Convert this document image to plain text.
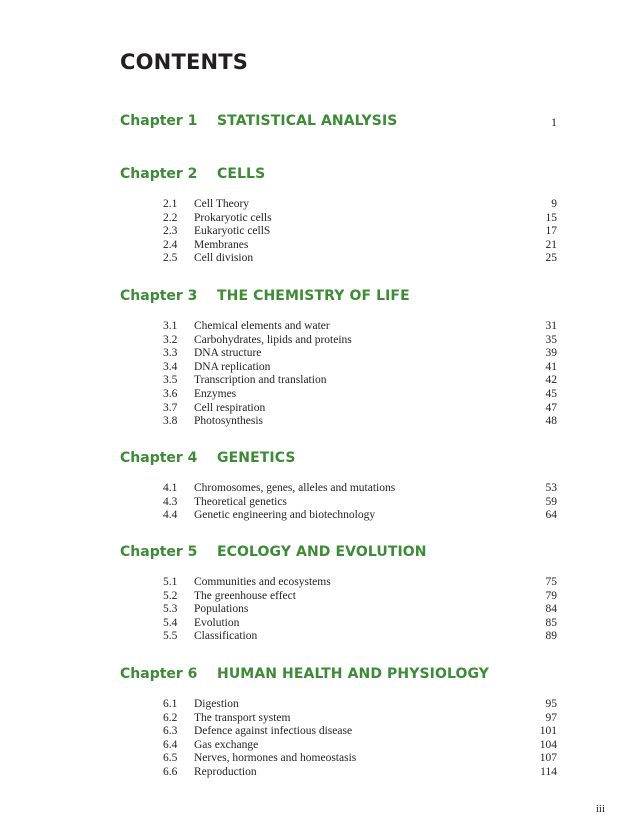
CONTENTS
Chapter 1 STATISTICAL ANALYSIS	1
Chapter 2 CELLS
2.1 Cell Theory	9
2.2 Prokaryotic cells	15
2.3 Eukaryotic cellS	17
2.4 Membranes	21
2.5 Cell division	25
Chapter 3 THE CHEMISTRY OF LIFE
3.1 Chemical elements and water	31
3.2 Carbohydrates, lipids and proteins	35
3.3 DNA structure	39
3.4 DNA replication	41
3.5 Transcription and translation	42
3.6 Enzymes	45
3.7 Cell respiration	47
3.8 Photosynthesis	48
Chapter 4 GENETICS
4.1 Chromosomes, genes, alleles and mutations	53
4.3 Theoretical genetics	59
4.4 Genetic engineering and biotechnology	64
Chapter 5 ECOLOGY AND EVOLUTION
5.1 Communities and ecosystems	75
5.2 The greenhouse effect	79
5.3 Populations	84
5.4 Evolution	85
5.5 Classification	89
Chapter 6 HUMAN HEALTH AND PHYSIOLOGY
6.1 Digestion	95
6.2 The transport system	97
6.3 Defence against infectious disease	101
6.4 Gas exchange	104
6.5 Nerves, hormones and homeostasis	107
6.6 Reproduction	114
iii
